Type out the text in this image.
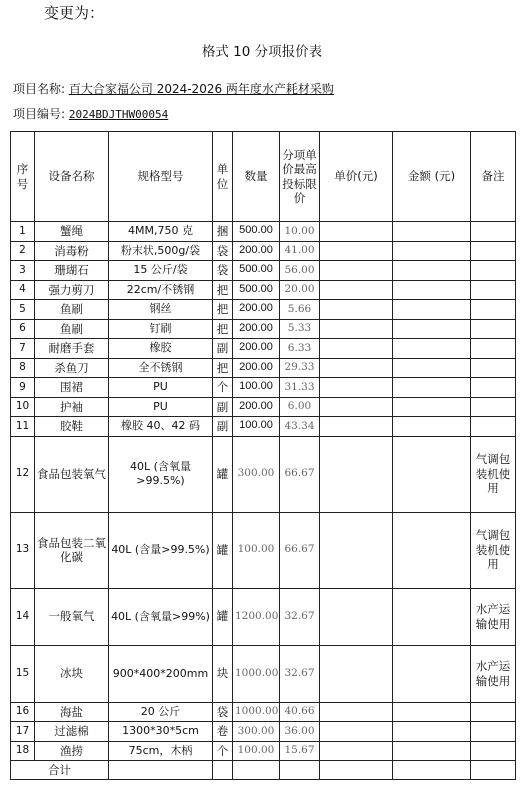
变更为：
格式 10 分项报价表
项目名称: 百大合家福公司 2024-2026 两年度水产耗材采购
项目编号: 2024BDJTHW00054
序号	设备名称	规格型号	单位	数量	分项单价最高投标限价	单价(元)	金额 (元)	备注
1	蟹绳	4MM,750 克	捆	500.00	10.00			
2	消毒粉	粉末状,500g/袋	袋	200.00	41.00			
3	珊瑚石	15 公斤/袋	袋	500.00	56.00			
4	强力剪刀	22cm/不锈钢	把	500.00	20.00			
5	鱼刷	钢丝	把	200.00	5.66			
6	鱼刷	钉刷	把	200.00	5.33			
7	耐磨手套	橡胶	副	200.00	6.33			
8	杀鱼刀	全不锈钢	把	200.00	29.33			
9	围裙	PU	个	100.00	31.33			
10	护袖	PU	副	200.00	6.00			
11	胶鞋	橡胶 40、42 码	副	100.00	43.34			
12	食品包装氧气	40L (含氧量>99.5%)	罐	300.00	66.67			气调包装机使用
13	食品包装二氧化碳	40L (含量>99.5%)	罐	100.00	66.67			气调包装机使用
14	一般氧气	40L (含氧量>99%)	罐	1200.00	32.67			水产运输使用
15	冰块	900*400*200mm	块	1000.00	32.67			水产运输使用
16	海盐	20 公斤	袋	1000.00	40.66			
17	过滤棉	1300*30*5cm	卷	300.00	36.00			
18	渔捞	75cm，木柄	个	100.00	15.67			
合计								
